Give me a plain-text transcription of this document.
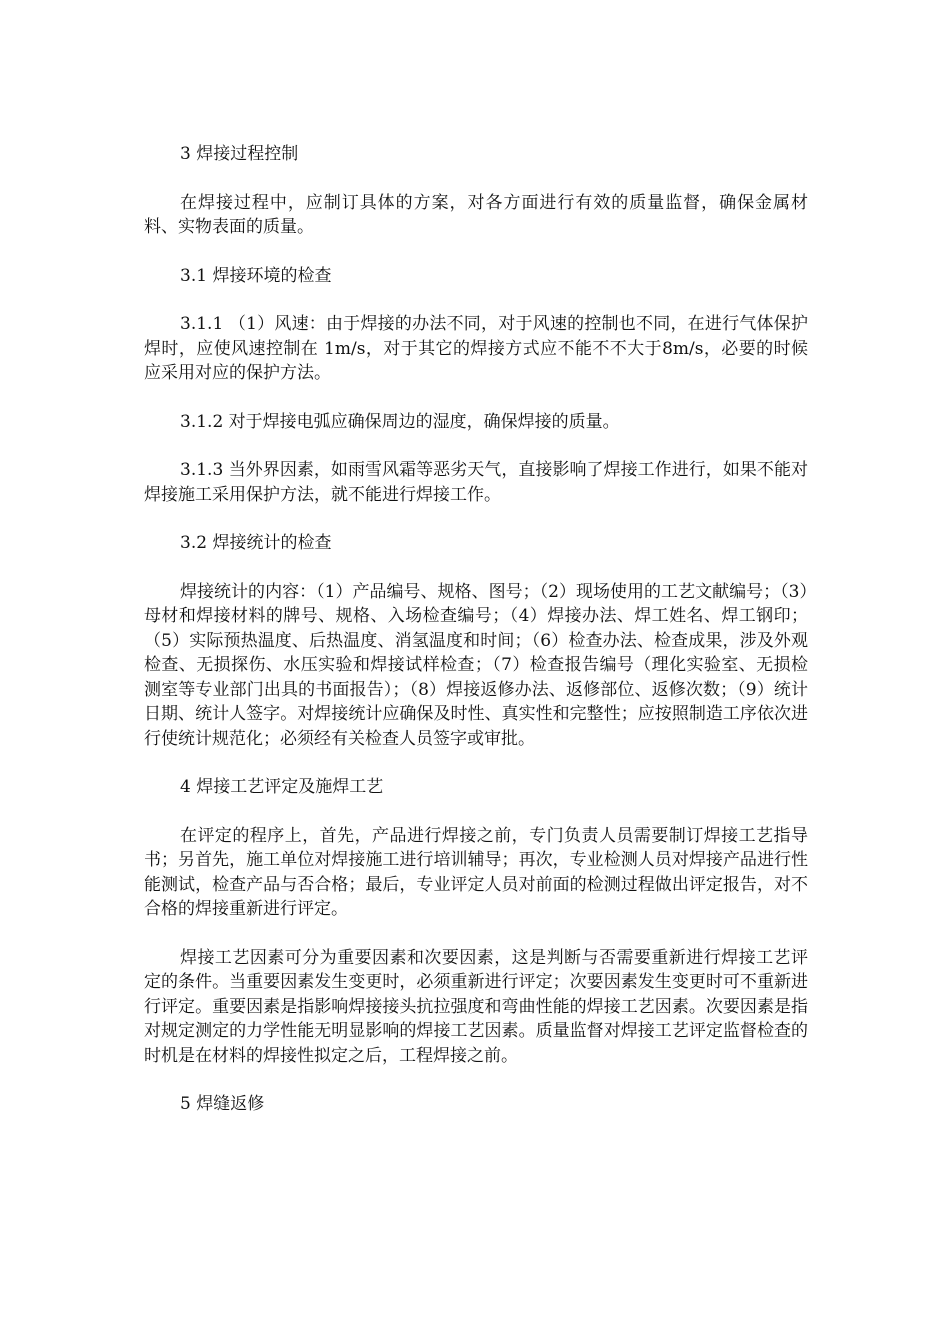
3 焊接过程控制

在焊接过程中，应制订具体的方案，对各方面进行有效的质量监督，确保金属材料、实物表面的质量。

3.1 焊接环境的检查

3.1.1 （1）风速：由于焊接的办法不同，对于风速的控制也不同，在进行气体保护焊时，应使风速控制在 1m/s，对于其它的焊接方式应不能不不大于8m/s，必要的时候应采用对应的保护方法。

3.1.2 对于焊接电弧应确保周边的湿度，确保焊接的质量。

3.1.3 当外界因素，如雨雪风霜等恶劣天气，直接影响了焊接工作进行，如果不能对焊接施工采用保护方法，就不能进行焊接工作。

3.2 焊接统计的检查

焊接统计的内容：（1）产品编号、规格、图号；（2）现场使用的工艺文献编号；（3）母材和焊接材料的牌号、规格、入场检查编号；（4）焊接办法、焊工姓名、焊工钢印；（5）实际预热温度、后热温度、消氢温度和时间；（6）检查办法、检查成果，涉及外观检查、无损探伤、水压实验和焊接试样检查；（7）检查报告编号（理化实验室、无损检测室等专业部门出具的书面报告）；（8）焊接返修办法、返修部位、返修次数；（9）统计日期、统计人签字。对焊接统计应确保及时性、真实性和完整性；应按照制造工序依次进行使统计规范化；必须经有关检查人员签字或审批。

4 焊接工艺评定及施焊工艺

在评定的程序上，首先，产品进行焊接之前，专门负责人员需要制订焊接工艺指导书；另首先，施工单位对焊接施工进行培训辅导；再次，专业检测人员对焊接产品进行性能测试，检查产品与否合格；最后，专业评定人员对前面的检测过程做出评定报告，对不合格的焊接重新进行评定。

焊接工艺因素可分为重要因素和次要因素，这是判断与否需要重新进行焊接工艺评定的条件。当重要因素发生变更时，必须重新进行评定；次要因素发生变更时可不重新进行评定。重要因素是指影响焊接接头抗拉强度和弯曲性能的焊接工艺因素。次要因素是指对规定测定的力学性能无明显影响的焊接工艺因素。质量监督对焊接工艺评定监督检查的时机是在材料的焊接性拟定之后，工程焊接之前。

5 焊缝返修
